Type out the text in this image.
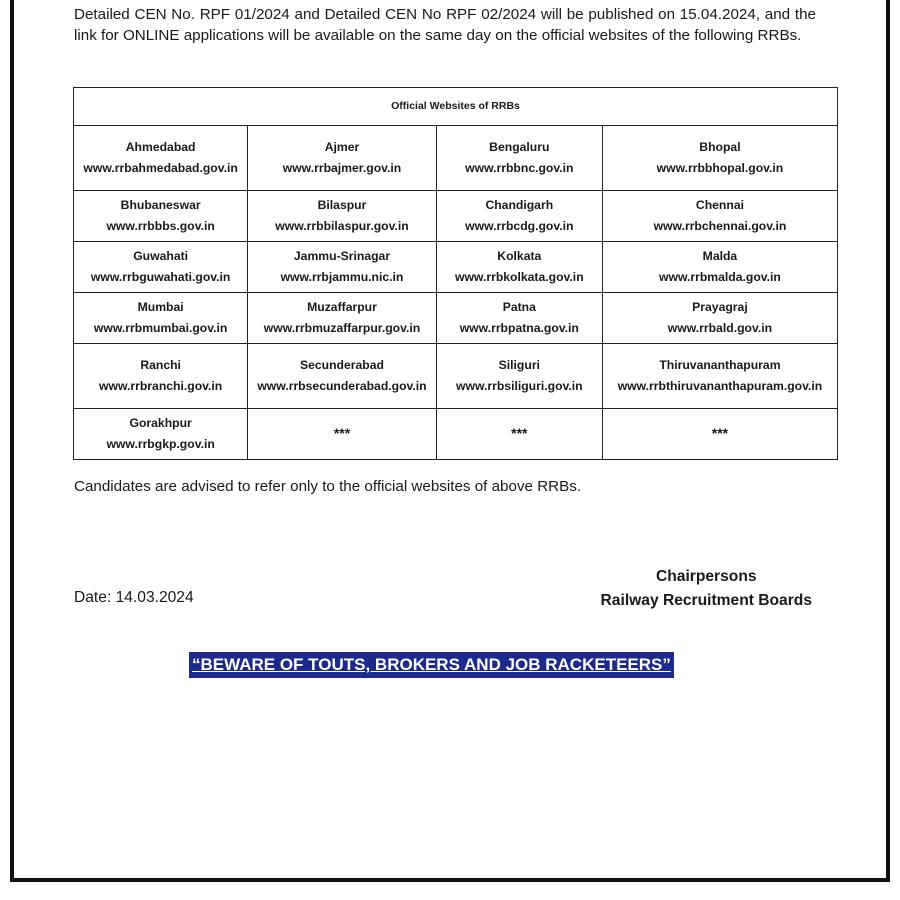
Detailed CEN No. RPF 01/2024 and Detailed CEN No RPF 02/2024 will be published on 15.04.2024, and the link for ONLINE applications will be available on the same day on the official websites of the following RRBs.
Official Websites of RRBs			

Ahmedabad
www.rrbahmedabad.gov.in	Ajmer
www.rrbajmer.gov.in	Bengaluru
www.rrbbnc.gov.in	Bhopal
www.rrbbhopal.gov.in

Bhubaneswar
www.rrbbbs.gov.in	Bilaspur
www.rrbbilaspur.gov.in	Chandigarh
www.rrbcdg.gov.in	Chennai
www.rrbchennai.gov.in

Guwahati
www.rrbguwahati.gov.in	Jammu-Srinagar
www.rrbjammu.nic.in	Kolkata
www.rrbkolkata.gov.in	Malda
www.rrbmalda.gov.in

Mumbai
www.rrbmumbai.gov.in	Muzaffarpur
www.rrbmuzaffarpur.gov.in	Patna
www.rrbpatna.gov.in	Prayagraj
www.rrbald.gov.in

Ranchi
www.rrbranchi.gov.in	Secunderabad
www.rrbsecunderabad.gov.in	Siliguri
www.rrbsiliguri.gov.in	Thiruvananthapuram
www.rrbthiruvananthapuram.gov.in

Gorakhpur
www.rrbgkp.gov.in	***	***	***
Candidates are advised to refer only to the official websites of above RRBs.
Chairpersons
Railway Recruitment Boards
Date: 14.03.2024
“BEWARE OF TOUTS, BROKERS AND JOB RACKETEERS”
